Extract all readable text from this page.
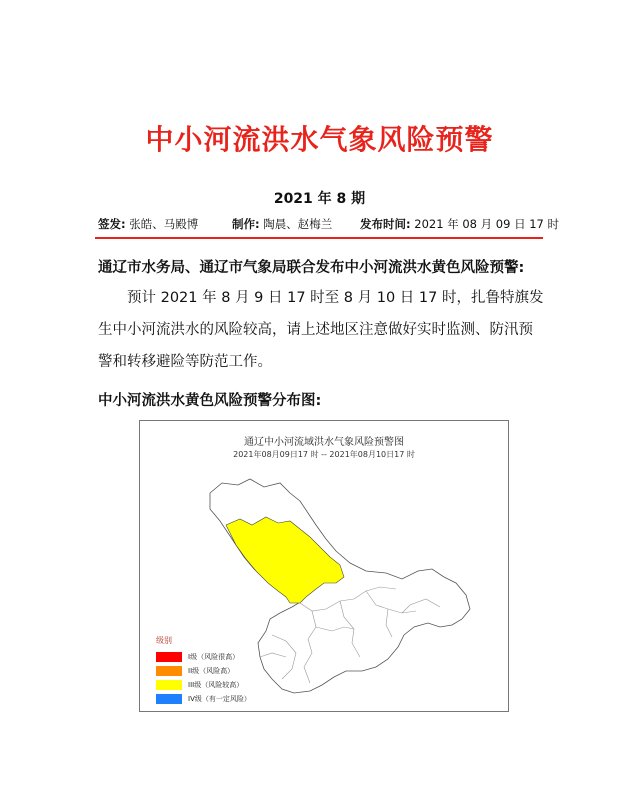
中小河流洪水气象风险预警
2021 年 8 期
签发: 张皓、马殿博	制作: 陶晨、赵梅兰 发布时间: 2021 年 08 月 09 日 17 时
通辽市水务局、通辽市气象局联合发布中小河流洪水黄色风险预警:

预计 2021 年 8 月 9 日 17 时至 8 月 10 日 17 时，扎鲁特旗发

生中小河流洪水的风险较高，请上述地区注意做好实时监测、防汛预

警和转移避险等防范工作。

中小河流洪水黄色风险预警分布图:
通辽中小河流域洪水气象风险预警图
2021年08月09日17 时 -- 2021年08月10日17 时
级别
I级（风险很高）
II级（风险高）
III级（风险较高）
IV级（有一定风险）
